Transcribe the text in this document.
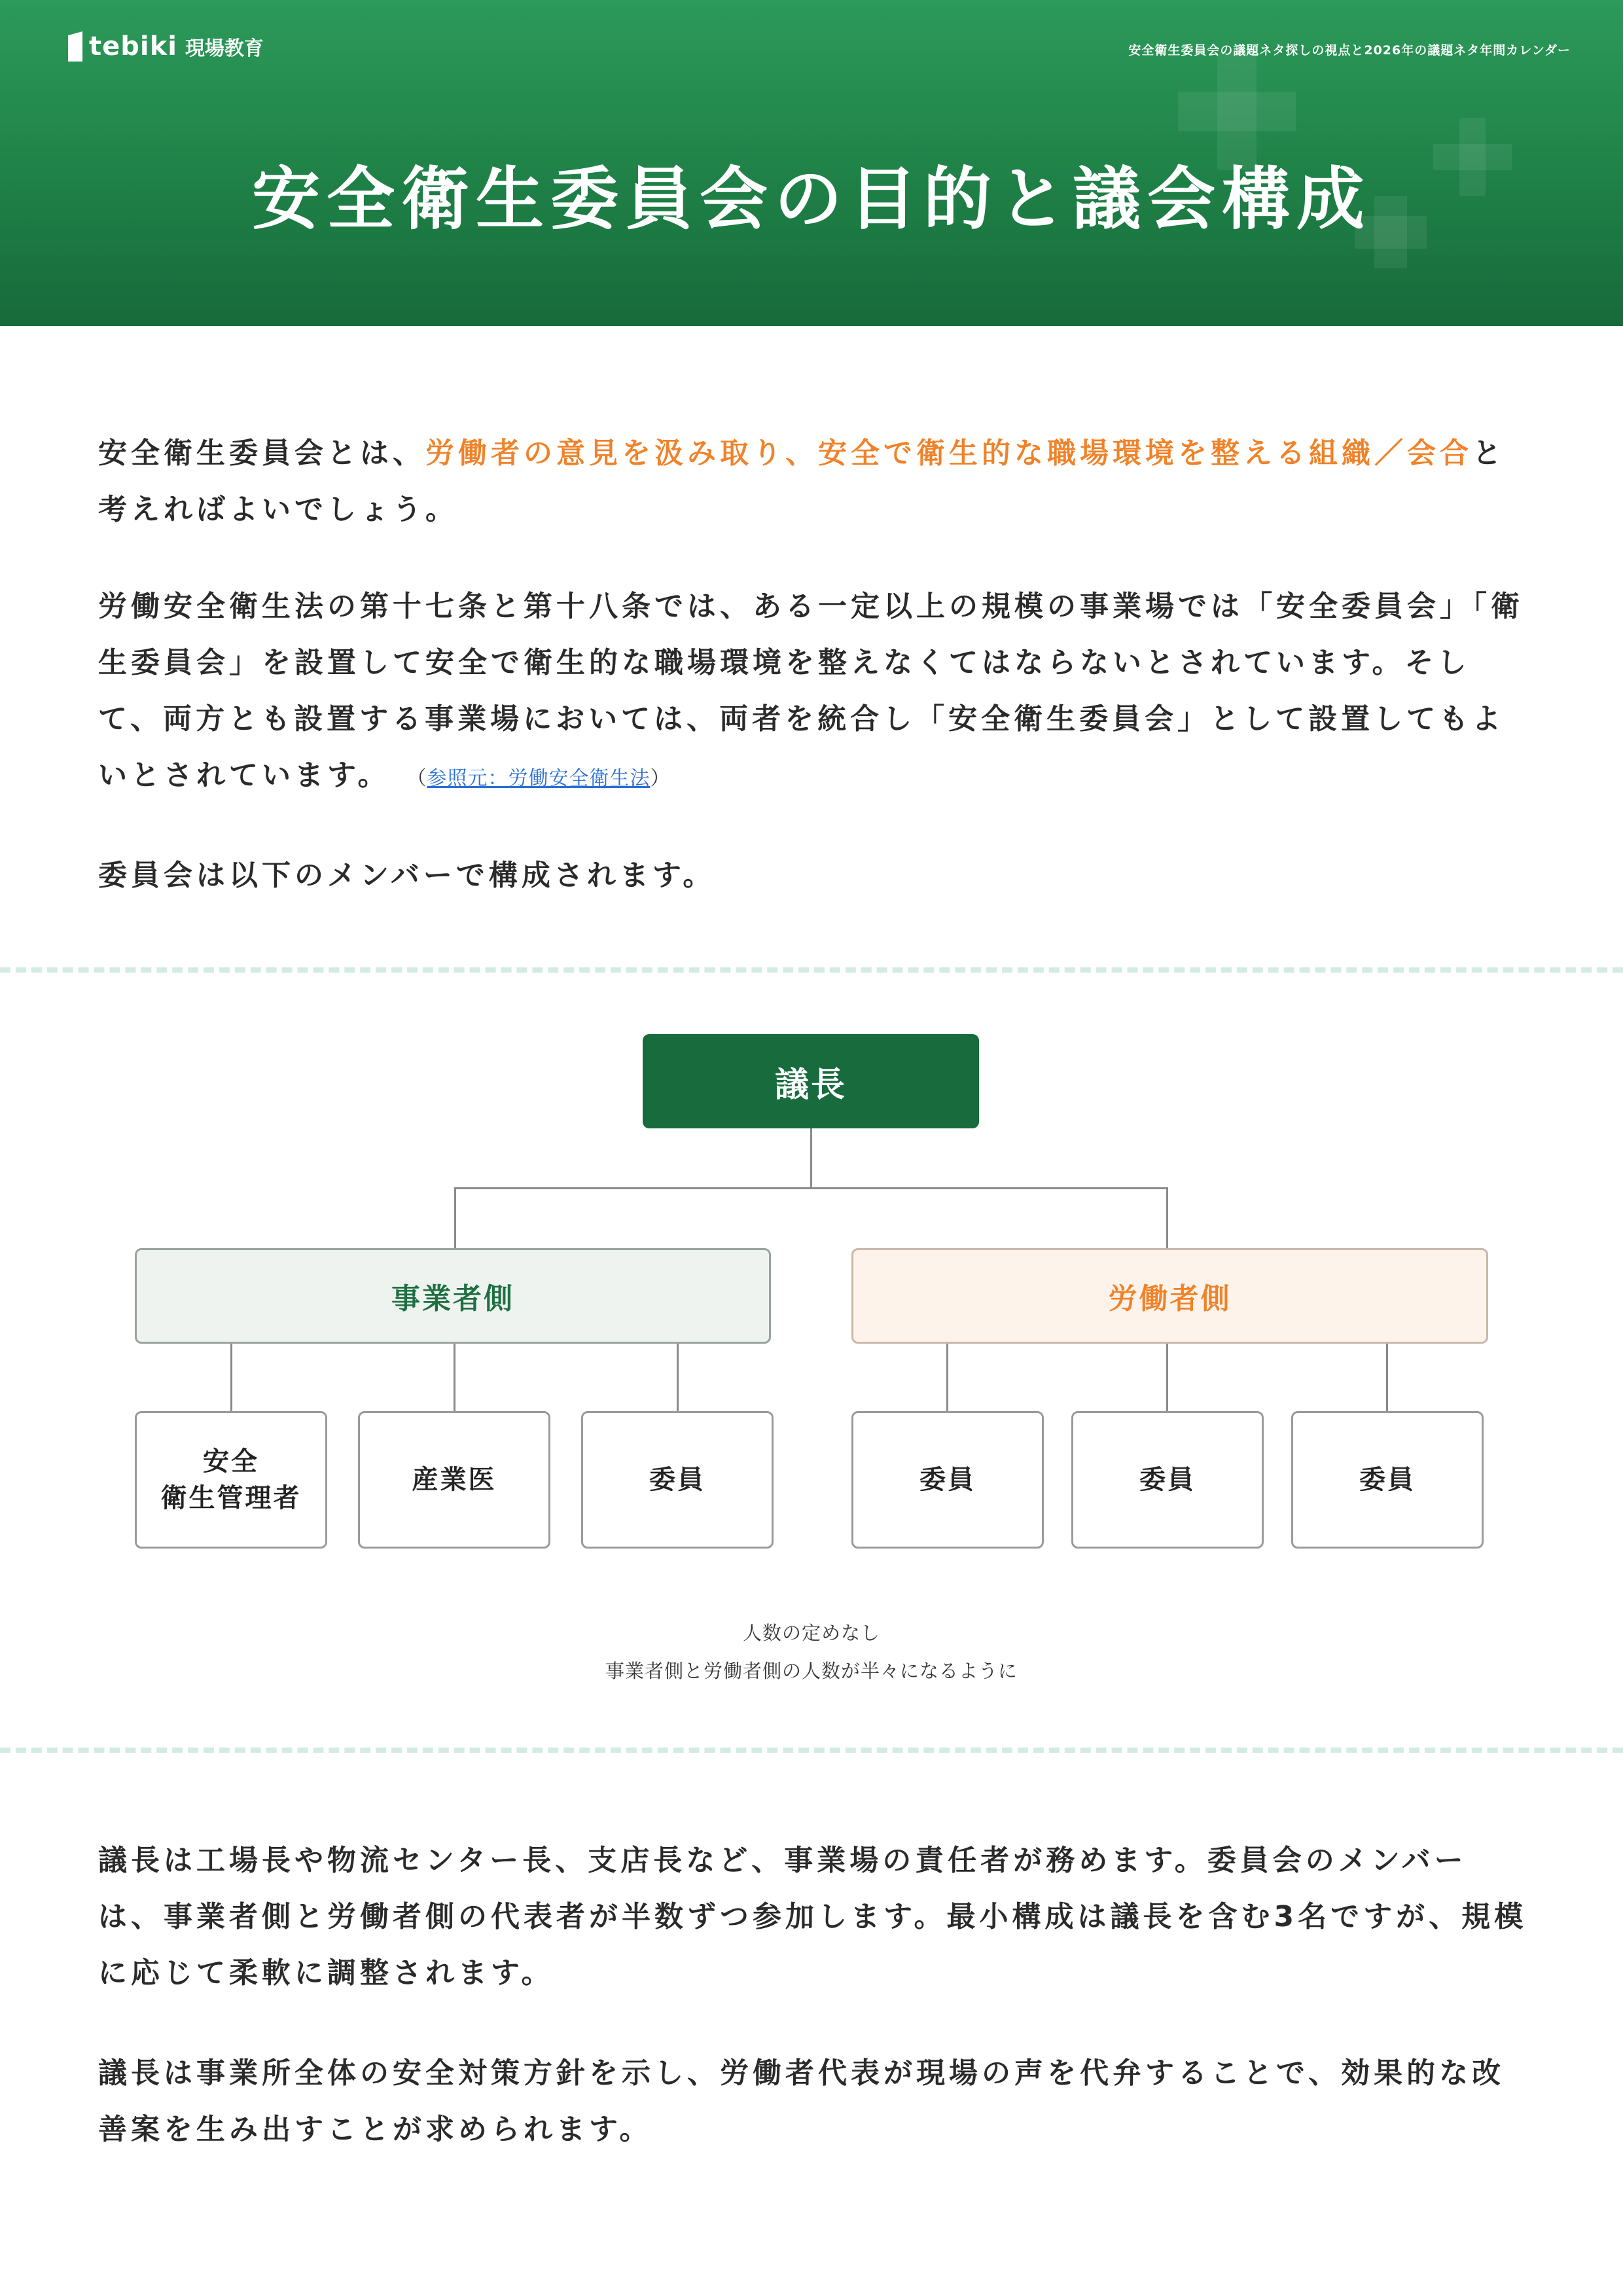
tebiki 現場教育	安全衛生委員会の議題ネタ探しの視点と2026年の議題ネタ年間カレンダー
安全衛生委員会の目的と議会構成

安全衛生委員会とは、労働者の意見を汲み取り、安全で衛生的な職場環境を整える組織／会合と考えればよいでしょう。

労働安全衛生法の第十七条と第十八条では、ある一定以上の規模の事業場では「安全委員会」「衛生委員会」を設置して安全で衛生的な職場環境を整えなくてはならないとされています。そして、両方とも設置する事業場においては、両者を統合し「安全衛生委員会」として設置してもよいとされています。 （参照元：労働安全衛生法）

委員会は以下のメンバーで構成されます。

議長
事業者側	労働者側
安全
衛生管理者
産業医	委員	委員	委員	委員

人数の定めなし

事業者側と労働者側の人数が半々になるように

議長は工場長や物流センター長、支店長など、事業場の責任者が務めます。委員会のメンバーは、事業者側と労働者側の代表者が半数ずつ参加します。最小構成は議長を含む3名ですが、規模に応じて柔軟に調整されます。

議長は事業所全体の安全対策方針を示し、労働者代表が現場の声を代弁することで、効果的な改善案を生み出すことが求められます。
